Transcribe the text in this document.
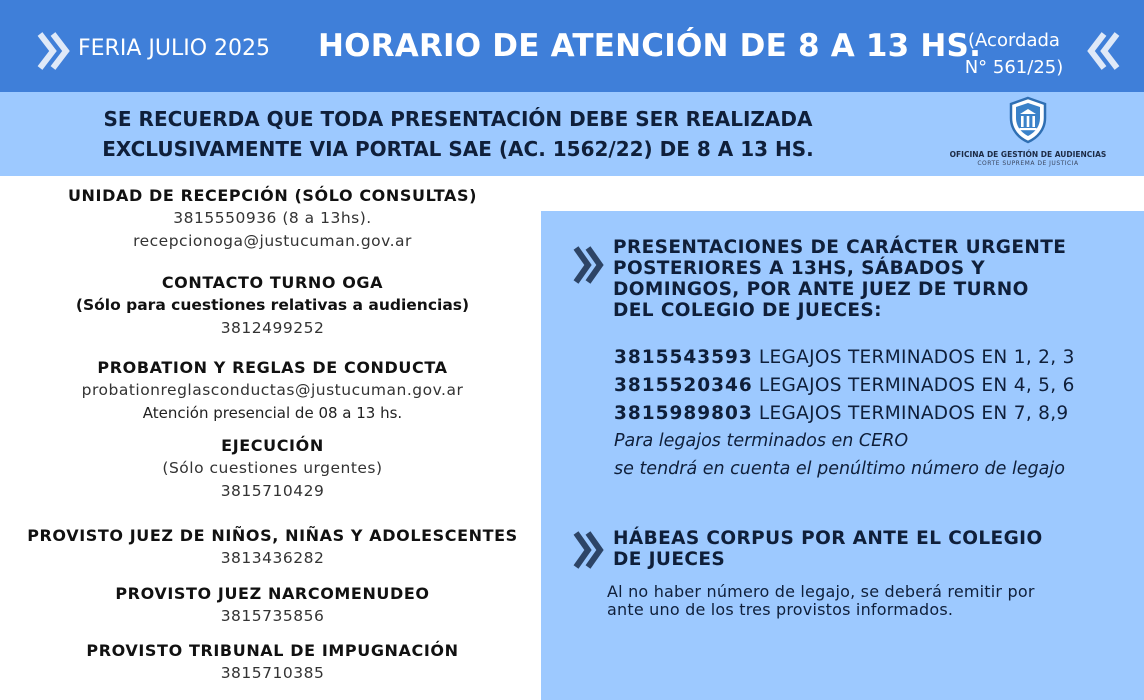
FERIA JULIO 2025 HORARIO DE ATENCIÓN DE 8 A 13 HS.
(Acordada
N° 561/25)
SE RECUERDA QUE TODA PRESENTACIÓN DEBE SER REALIZADA
EXCLUSIVAMENTE VIA PORTAL SAE (AC. 1562/22) DE 8 A 13 HS.	OFICINA DE GESTIÓN DE AUDIENCIAS
CORTE SUPREMA DE JUSTICIA
UNIDAD DE RECEPCIÓN (SÓLO CONSULTAS)
3815550936 (8 a 13hs).
recepcionoga@justucuman.gov.ar
CONTACTO TURNO OGA
(Sólo para cuestiones relativas a audiencias)
3812499252
PROBATION Y REGLAS DE CONDUCTA
probationreglasconductas@justucuman.gov.ar
Atención presencial de 08 a 13 hs.
EJECUCIÓN
(Sólo cuestiones urgentes)
3815710429
PROVISTO JUEZ DE NIÑOS, NIÑAS Y ADOLESCENTES
3813436282
PROVISTO JUEZ NARCOMENUDEO
3815735856
PROVISTO TRIBUNAL DE IMPUGNACIÓN
3815710385
PRESENTACIONES DE CARÁCTER URGENTE
POSTERIORES A 13HS, SÁBADOS Y
DOMINGOS, POR ANTE JUEZ DE TURNO
DEL COLEGIO DE JUECES:
3815543593 LEGAJOS TERMINADOS EN 1, 2, 3
3815520346 LEGAJOS TERMINADOS EN 4, 5, 6
3815989803 LEGAJOS TERMINADOS EN 7, 8,9
Para legajos terminados en CERO
se tendrá en cuenta el penúltimo número de legajo
HÁBEAS CORPUS POR ANTE EL COLEGIO
DE JUECES
Al no haber número de legajo, se deberá remitir por
ante uno de los tres provistos informados.
